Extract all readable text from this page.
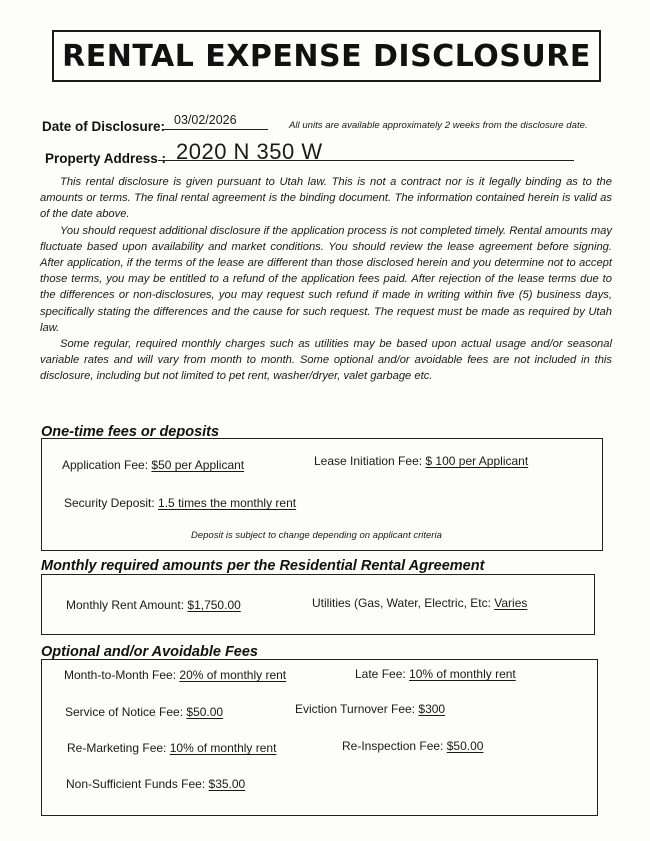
RENTAL EXPENSE DISCLOSURE
Date of Disclosure: 03/02/2026	All units are available approximately 2 weeks from the disclosure date.
Property Address : 2020 N 350 W

This rental disclosure is given pursuant to Utah law. This is not a contract nor is it legally binding as to the amounts or terms. The final rental agreement is the binding document. The information contained herein is valid as of the date above.

You should request additional disclosure if the application process is not completed timely. Rental amounts may fluctuate based upon availability and market conditions. You should review the lease agreement before signing. After application, if the terms of the lease are different than those disclosed herein and you determine not to accept those terms, you may be entitled to a refund of the application fees paid. After rejection of the lease terms due to the differences or non-disclosures, you may request such refund if made in writing within five (5) business days, specifically stating the differences and the cause for such request. The request must be made as required by Utah law.

Some regular, required monthly charges such as utilities may be based upon actual usage and/or seasonal variable rates and will vary from month to month. Some optional and/or avoidable fees are not included in this disclosure, including but not limited to pet rent, washer/dryer, valet garbage etc.

One-time fees or deposits
Application Fee: $50 per Applicant	Lease Initiation Fee: $ 100 per Applicant
Security Deposit: 1.5 times the monthly rent
Deposit is subject to change depending on applicant criteria
Monthly required amounts per the Residential Rental Agreement
Monthly Rent Amount: $1,750.00	Utilities (Gas, Water, Electric, Etc: Varies
Optional and/or Avoidable Fees
Month-to-Month Fee: 20% of monthly rent	Late Fee: 10% of monthly rent
Service of Notice Fee: $50.00	Eviction Turnover Fee: $300
Re-Marketing Fee: 10% of monthly rent	Re-Inspection Fee: $50.00
Non-Sufficient Funds Fee: $35.00
